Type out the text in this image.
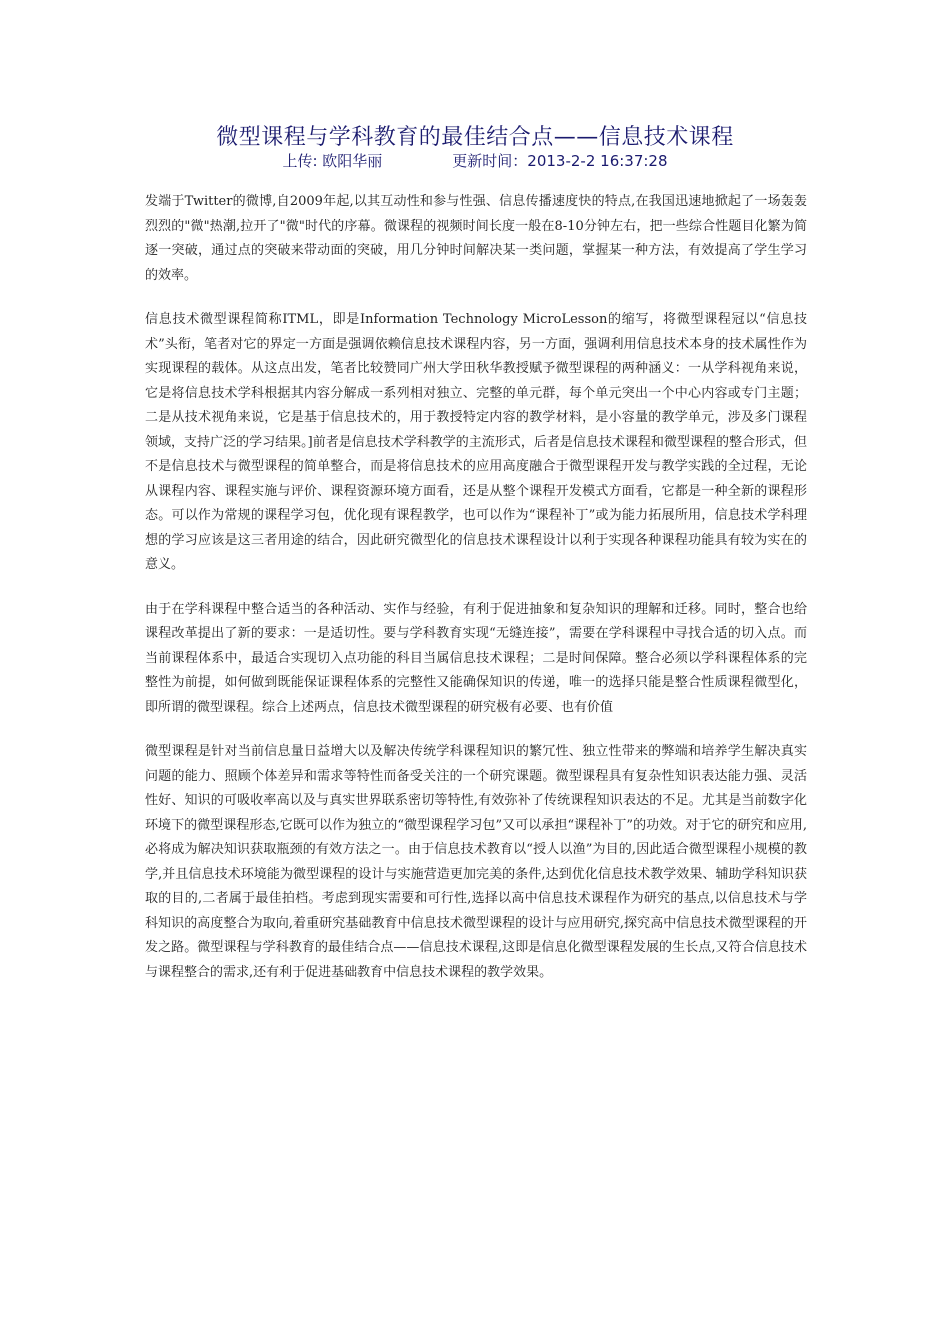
微型课程与学科教育的最佳结合点——信息技术课程
上传: 欧阳华丽	更新时间：2013-2-2 16:37:28

发端于Twitter的微博,自2009年起,以其互动性和参与性强、信息传播速度快的特点,在我国迅速地掀起了一场轰轰烈烈的"微"热潮,拉开了"微"时代的序幕。微课程的视频时间长度一般在8-10分钟左右，把一些综合性题目化繁为简逐一突破，通过点的突破来带动面的突破，用几分钟时间解决某一类问题，掌握某一种方法，有效提高了学生学习的效率。

信息技术微型课程简称ITML，即是Information Technology MicroLesson的缩写，将微型课程冠以“信息技术”头衔，笔者对它的界定一方面是强调依赖信息技术课程内容，另一方面，强调利用信息技术本身的技术属性作为实现课程的载体。从这点出发，笔者比较赞同广州大学田秋华教授赋予微型课程的两种涵义：一从学科视角来说，它是将信息技术学科根据其内容分解成一系列相对独立、完整的单元群，每个单元突出一个中心内容或专门主题；二是从技术视角来说，它是基于信息技术的，用于教授特定内容的教学材料，是小容量的教学单元，涉及多门课程领域，支持广泛的学习结果。]前者是信息技术学科教学的主流形式，后者是信息技术课程和微型课程的整合形式，但不是信息技术与微型课程的简单整合，而是将信息技术的应用高度融合于微型课程开发与教学实践的全过程，无论从课程内容、课程实施与评价、课程资源环境方面看，还是从整个课程开发模式方面看，它都是一种全新的课程形态。可以作为常规的课程学习包，优化现有课程教学，也可以作为“课程补丁”或为能力拓展所用，信息技术学科理想的学习应该是这三者用途的结合，因此研究微型化的信息技术课程设计以利于实现各种课程功能具有较为实在的意义。

由于在学科课程中整合适当的各种活动、实作与经验，有利于促进抽象和复杂知识的理解和迁移。同时，整合也给课程改革提出了新的要求：一是适切性。要与学科教育实现“无缝连接”，需要在学科课程中寻找合适的切入点。而当前课程体系中，最适合实现切入点功能的科目当属信息技术课程；二是时间保障。整合必须以学科课程体系的完整性为前提，如何做到既能保证课程体系的完整性又能确保知识的传递，唯一的选择只能是整合性质课程微型化，即所谓的微型课程。综合上述两点，信息技术微型课程的研究极有必要、也有价值

微型课程是针对当前信息量日益增大以及解决传统学科课程知识的繁冗性、独立性带来的弊端和培养学生解决真实问题的能力、照顾个体差异和需求等特性而备受关注的一个研究课题。微型课程具有复杂性知识表达能力强、灵活性好、知识的可吸收率高以及与真实世界联系密切等特性,有效弥补了传统课程知识表达的不足。尤其是当前数字化环境下的微型课程形态,它既可以作为独立的“微型课程学习包”又可以承担“课程补丁”的功效。对于它的研究和应用,必将成为解决知识获取瓶颈的有效方法之一。由于信息技术教育以“授人以渔”为目的,因此适合微型课程小规模的教学,并且信息技术环境能为微型课程的设计与实施营造更加完美的条件,达到优化信息技术教学效果、辅助学科知识获取的目的,二者属于最佳拍档。考虑到现实需要和可行性,选择以高中信息技术课程作为研究的基点,以信息技术与学科知识的高度整合为取向,着重研究基础教育中信息技术微型课程的设计与应用研究,探究高中信息技术微型课程的开发之路。微型课程与学科教育的最佳结合点——信息技术课程,这即是信息化微型课程发展的生长点,又符合信息技术与课程整合的需求,还有利于促进基础教育中信息技术课程的教学效果。
